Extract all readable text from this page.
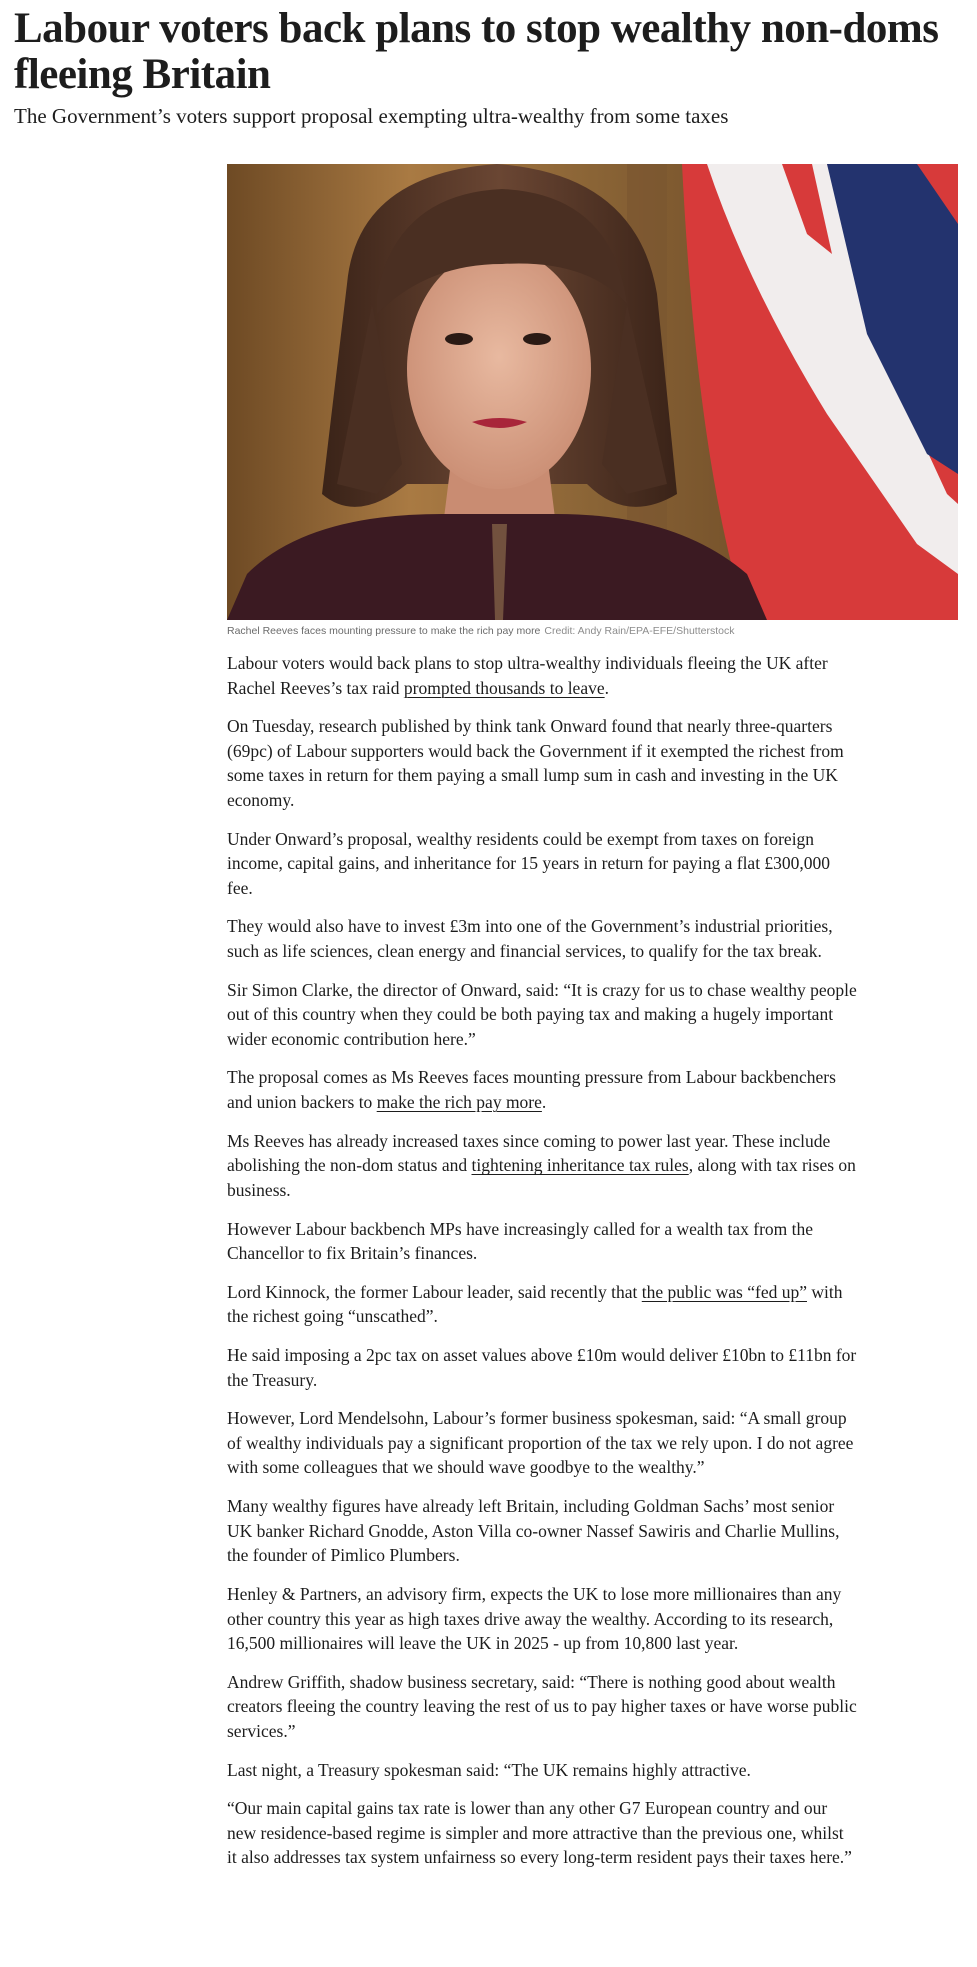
Labour voters back plans to stop wealthy non-doms fleeing Britain

The Government’s voters support proposal exempting ultra-wealthy from some taxes

Rachel Reeves faces mounting pressure to make the rich pay more Credit: Andy Rain/EPA-EFE/Shutterstock

Labour voters would back plans to stop ultra-wealthy individuals fleeing the UK after Rachel Reeves’s tax raid prompted thousands to leave.

On Tuesday, research published by think tank Onward found that nearly three-quarters (69pc) of Labour supporters would back the Government if it exempted the richest from some taxes in return for them paying a small lump sum in cash and investing in the UK economy.

Under Onward’s proposal, wealthy residents could be exempt from taxes on foreign income, capital gains, and inheritance for 15 years in return for paying a flat £300,000 fee.

They would also have to invest £3m into one of the Government’s industrial priorities, such as life sciences, clean energy and financial services, to qualify for the tax break.

Sir Simon Clarke, the director of Onward, said: “It is crazy for us to chase wealthy people out of this country when they could be both paying tax and making a hugely important wider economic contribution here.”

The proposal comes as Ms Reeves faces mounting pressure from Labour backbenchers and union backers to make the rich pay more.

Ms Reeves has already increased taxes since coming to power last year. These include abolishing the non-dom status and tightening inheritance tax rules, along with tax rises on business.

However Labour backbench MPs have increasingly called for a wealth tax from the Chancellor to fix Britain’s finances.

Lord Kinnock, the former Labour leader, said recently that the public was “fed up” with the richest going “unscathed”.

He said imposing a 2pc tax on asset values above £10m would deliver £10bn to £11bn for the Treasury.

However, Lord Mendelsohn, Labour’s former business spokesman, said: “A small group of wealthy individuals pay a significant proportion of the tax we rely upon. I do not agree with some colleagues that we should wave goodbye to the wealthy.”

Many wealthy figures have already left Britain, including Goldman Sachs’ most senior UK banker Richard Gnodde, Aston Villa co-owner Nassef Sawiris and Charlie Mullins, the founder of Pimlico Plumbers.

Henley & Partners, an advisory firm, expects the UK to lose more millionaires than any other country this year as high taxes drive away the wealthy. According to its research, 16,500 millionaires will leave the UK in 2025 - up from 10,800 last year.

Andrew Griffith, shadow business secretary, said: “There is nothing good about wealth creators fleeing the country leaving the rest of us to pay higher taxes or have worse public services.”

Last night, a Treasury spokesman said: “The UK remains highly attractive.

“Our main capital gains tax rate is lower than any other G7 European country and our new residence-based regime is simpler and more attractive than the previous one, whilst it also addresses tax system unfairness so every long-term resident pays their taxes here.”
